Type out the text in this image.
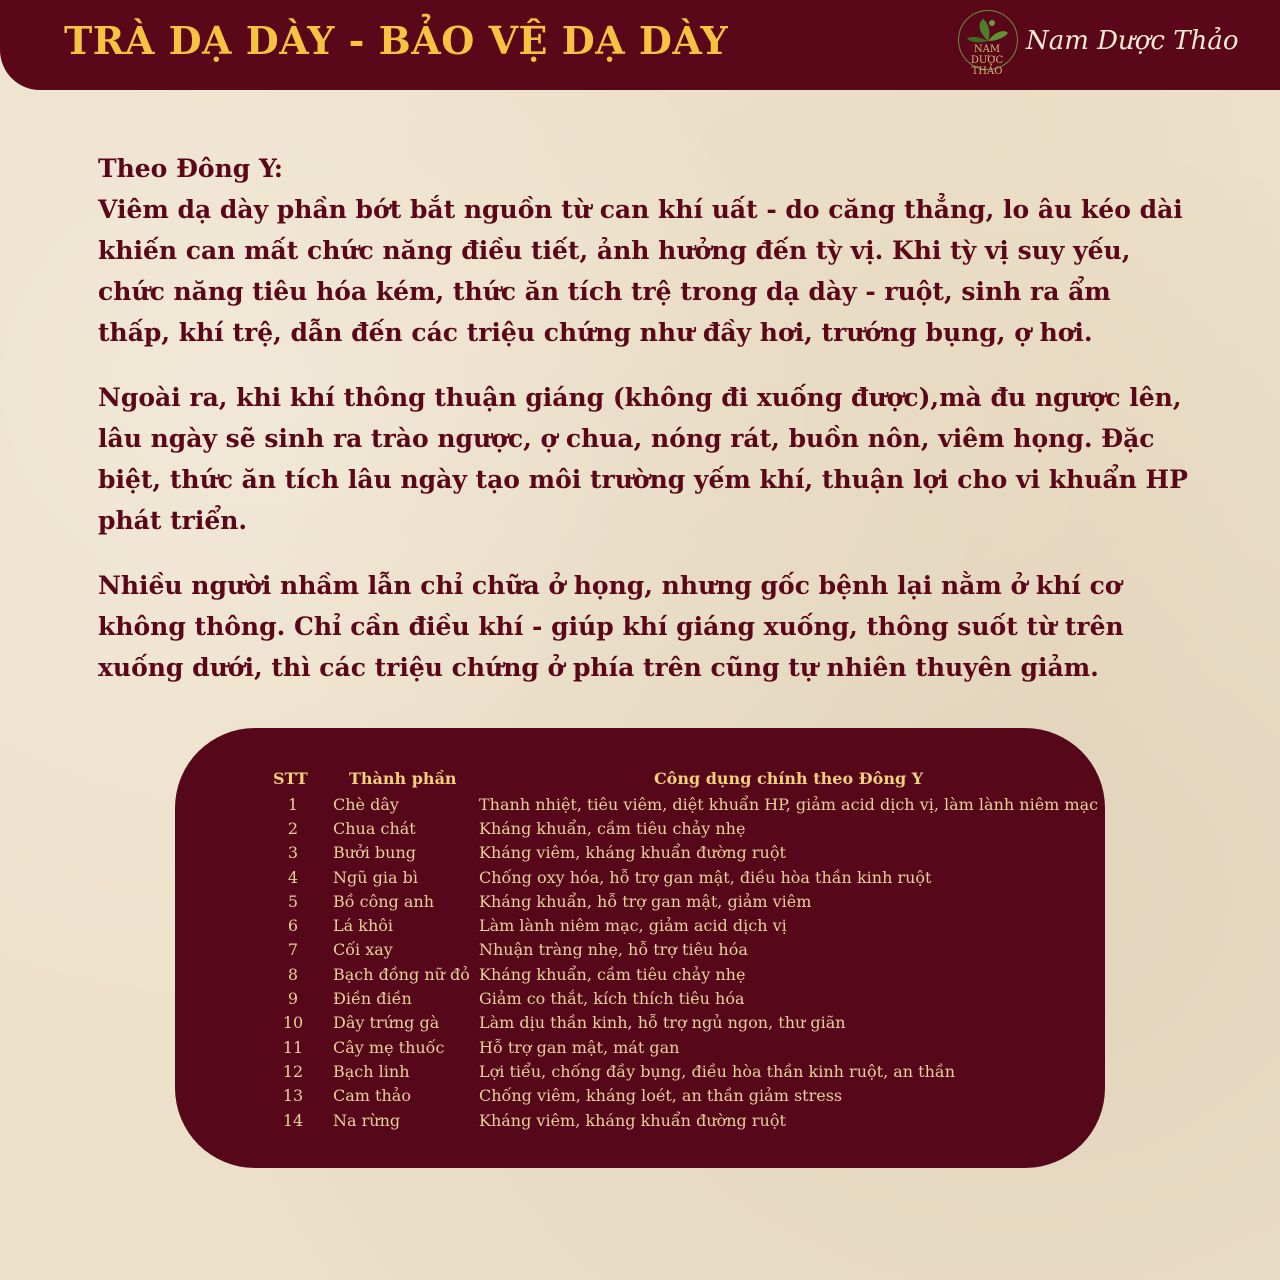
TRÀ DẠ DÀY - BẢO VỆ DẠ DÀY	NAM
DƯỢC
THẢO
Nam Dược Thảo

Theo Đông Y:
Viêm dạ dày phần bớt bắt nguồn từ can khí uất - do căng thẳng, lo âu kéo dài khiến can mất chức năng điều tiết, ảnh hưởng đến tỳ vị. Khi tỳ vị suy yếu, chức năng tiêu hóa kém, thức ăn tích trệ trong dạ dày - ruột, sinh ra ẩm thấp, khí trệ, dẫn đến các triệu chứng như đầy hơi, trướng bụng, ợ hơi.

Ngoài ra, khi khí thông thuận giáng (không đi xuống được),mà đu ngược lên, lâu ngày sẽ sinh ra trào ngược, ợ chua, nóng rát, buồn nôn, viêm họng. Đặc biệt, thức ăn tích lâu ngày tạo môi trường yếm khí, thuận lợi cho vi khuẩn HP phát triển.

Nhiều người nhầm lẫn chỉ chữa ở họng, nhưng gốc bệnh lại nằm ở khí cơ không thông. Chỉ cần điều khí - giúp khí giáng xuống, thông suốt từ trên xuống dưới, thì các triệu chứng ở phía trên cũng tự nhiên thuyên giảm.

STT	Thành phần	Công dụng chính theo Đông Y
1	Chè dây	Thanh nhiệt, tiêu viêm, diệt khuẩn HP, giảm acid dịch vị, làm lành niêm mạc
2	Chua chát	Kháng khuẩn, cầm tiêu chảy nhẹ
3	Bưởi bung	Kháng viêm, kháng khuẩn đường ruột
4	Ngũ gia bì	Chống oxy hóa, hỗ trợ gan mật, điều hòa thần kinh ruột
5	Bồ công anh	Kháng khuẩn, hỗ trợ gan mật, giảm viêm
6	Lá khôi	Làm lành niêm mạc, giảm acid dịch vị
7	Cối xay	Nhuận tràng nhẹ, hỗ trợ tiêu hóa
8	Bạch đồng nữ đỏ	Kháng khuẩn, cầm tiêu chảy nhẹ
9	Điền điền	Giảm co thắt, kích thích tiêu hóa
10	Dây trứng gà	Làm dịu thần kinh, hỗ trợ ngủ ngon, thư giãn
11	Cây mẹ thuốc	Hỗ trợ gan mật, mát gan
12	Bạch linh	Lợi tiểu, chống đầy bụng, điều hòa thần kinh ruột, an thần
13	Cam thảo	Chống viêm, kháng loét, an thần giảm stress
14	Na rừng	Kháng viêm, kháng khuẩn đường ruột
